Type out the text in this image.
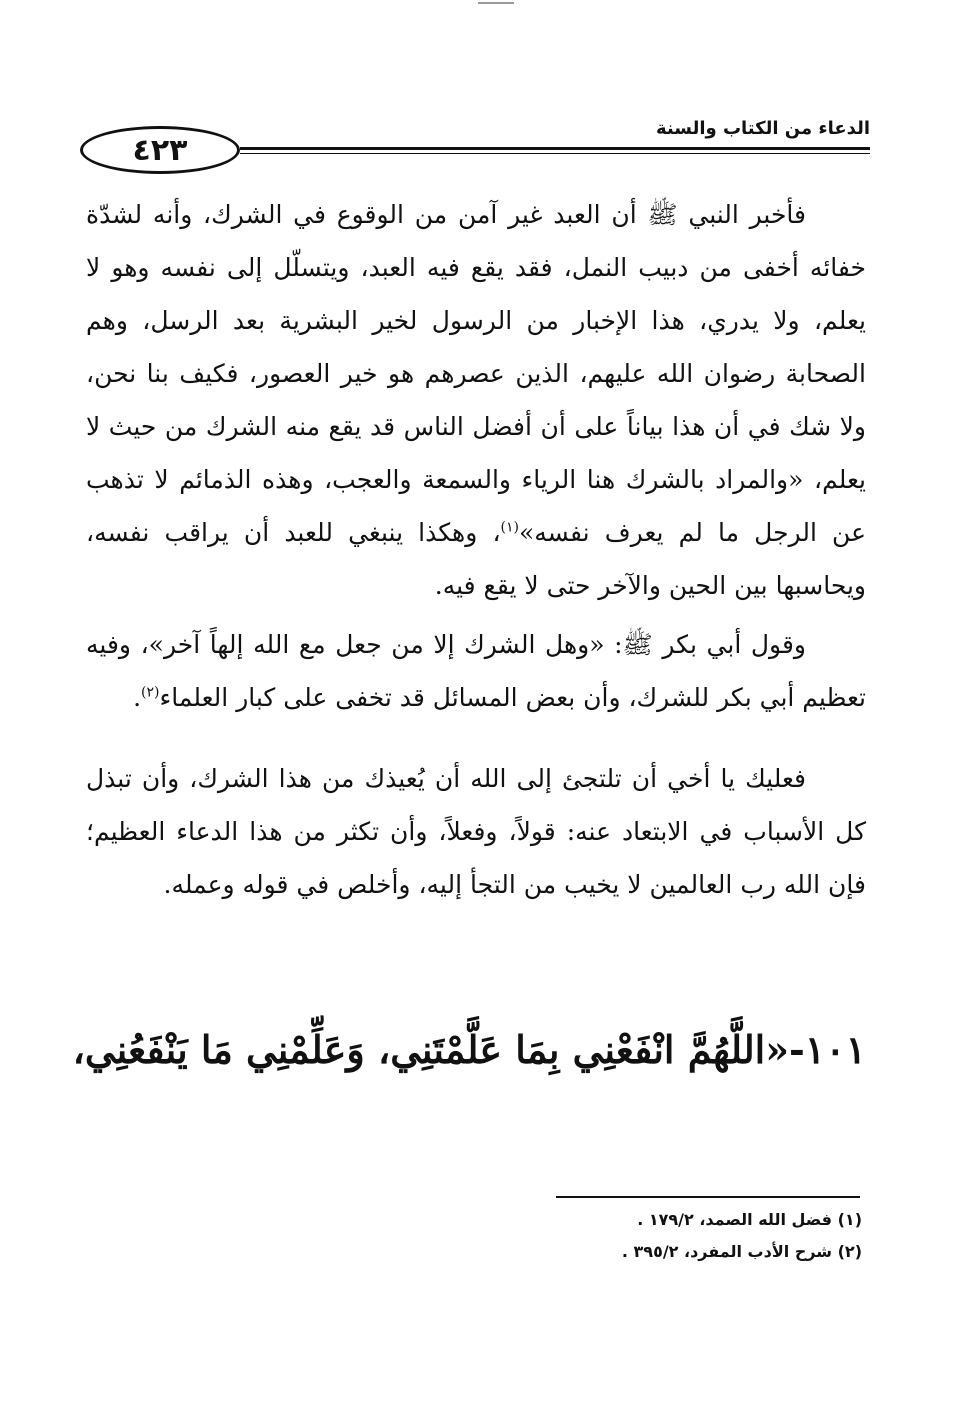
الدعاء من الكتاب والسنة
٤٢٣

فأخبر النبي ﷺ أن العبد غير آمن من الوقوع في الشرك، وأنه لشدّة خفائه أخفى من دبيب النمل، فقد يقع فيه العبد، ويتسلّل إلى نفسه وهو لا يعلم، ولا يدري، هذا الإخبار من الرسول لخير البشرية بعد الرسل، وهم الصحابة رضوان الله عليهم، الذين عصرهم هو خير العصور، فكيف بنا نحن، ولا شك في أن هذا بياناً على أن أفضل الناس قد يقع منه الشرك من حيث لا يعلم، «والمراد بالشرك هنا الرياء والسمعة والعجب، وهذه الذمائم لا تذهب عن الرجل ما لم يعرف نفسه»$^{(١)}$، وهكذا ينبغي للعبد أن يراقب نفسه، ويحاسبها بين الحين والآخر حتى لا يقع فيه.

وقول أبي بكر ﷺ: «وهل الشرك إلا من جعل مع الله إلهاً آخر»، وفيه تعظيم أبي بكر للشرك، وأن بعض المسائل قد تخفى على كبار العلماء$^{(٢)}$.

فعليك يا أخي أن تلتجئ إلى الله أن يُعيذك من هذا الشرك، وأن تبذل كل الأسباب في الابتعاد عنه: قولاً، وفعلاً، وأن تكثر من هذا الدعاء العظيم؛ فإن الله رب العالمين لا يخيب من التجأ إليه، وأخلص في قوله وعمله.

١٠١-«اللَّهُمَّ انْفَعْنِي بِمَا عَلَّمْتَنِي، وَعَلِّمْنِي مَا يَنْفَعُنِي،

(١) فضل الله الصمد، ١٧٩/٢ .

(٢) شرح الأدب المفرد، ٣٩٥/٢ .
